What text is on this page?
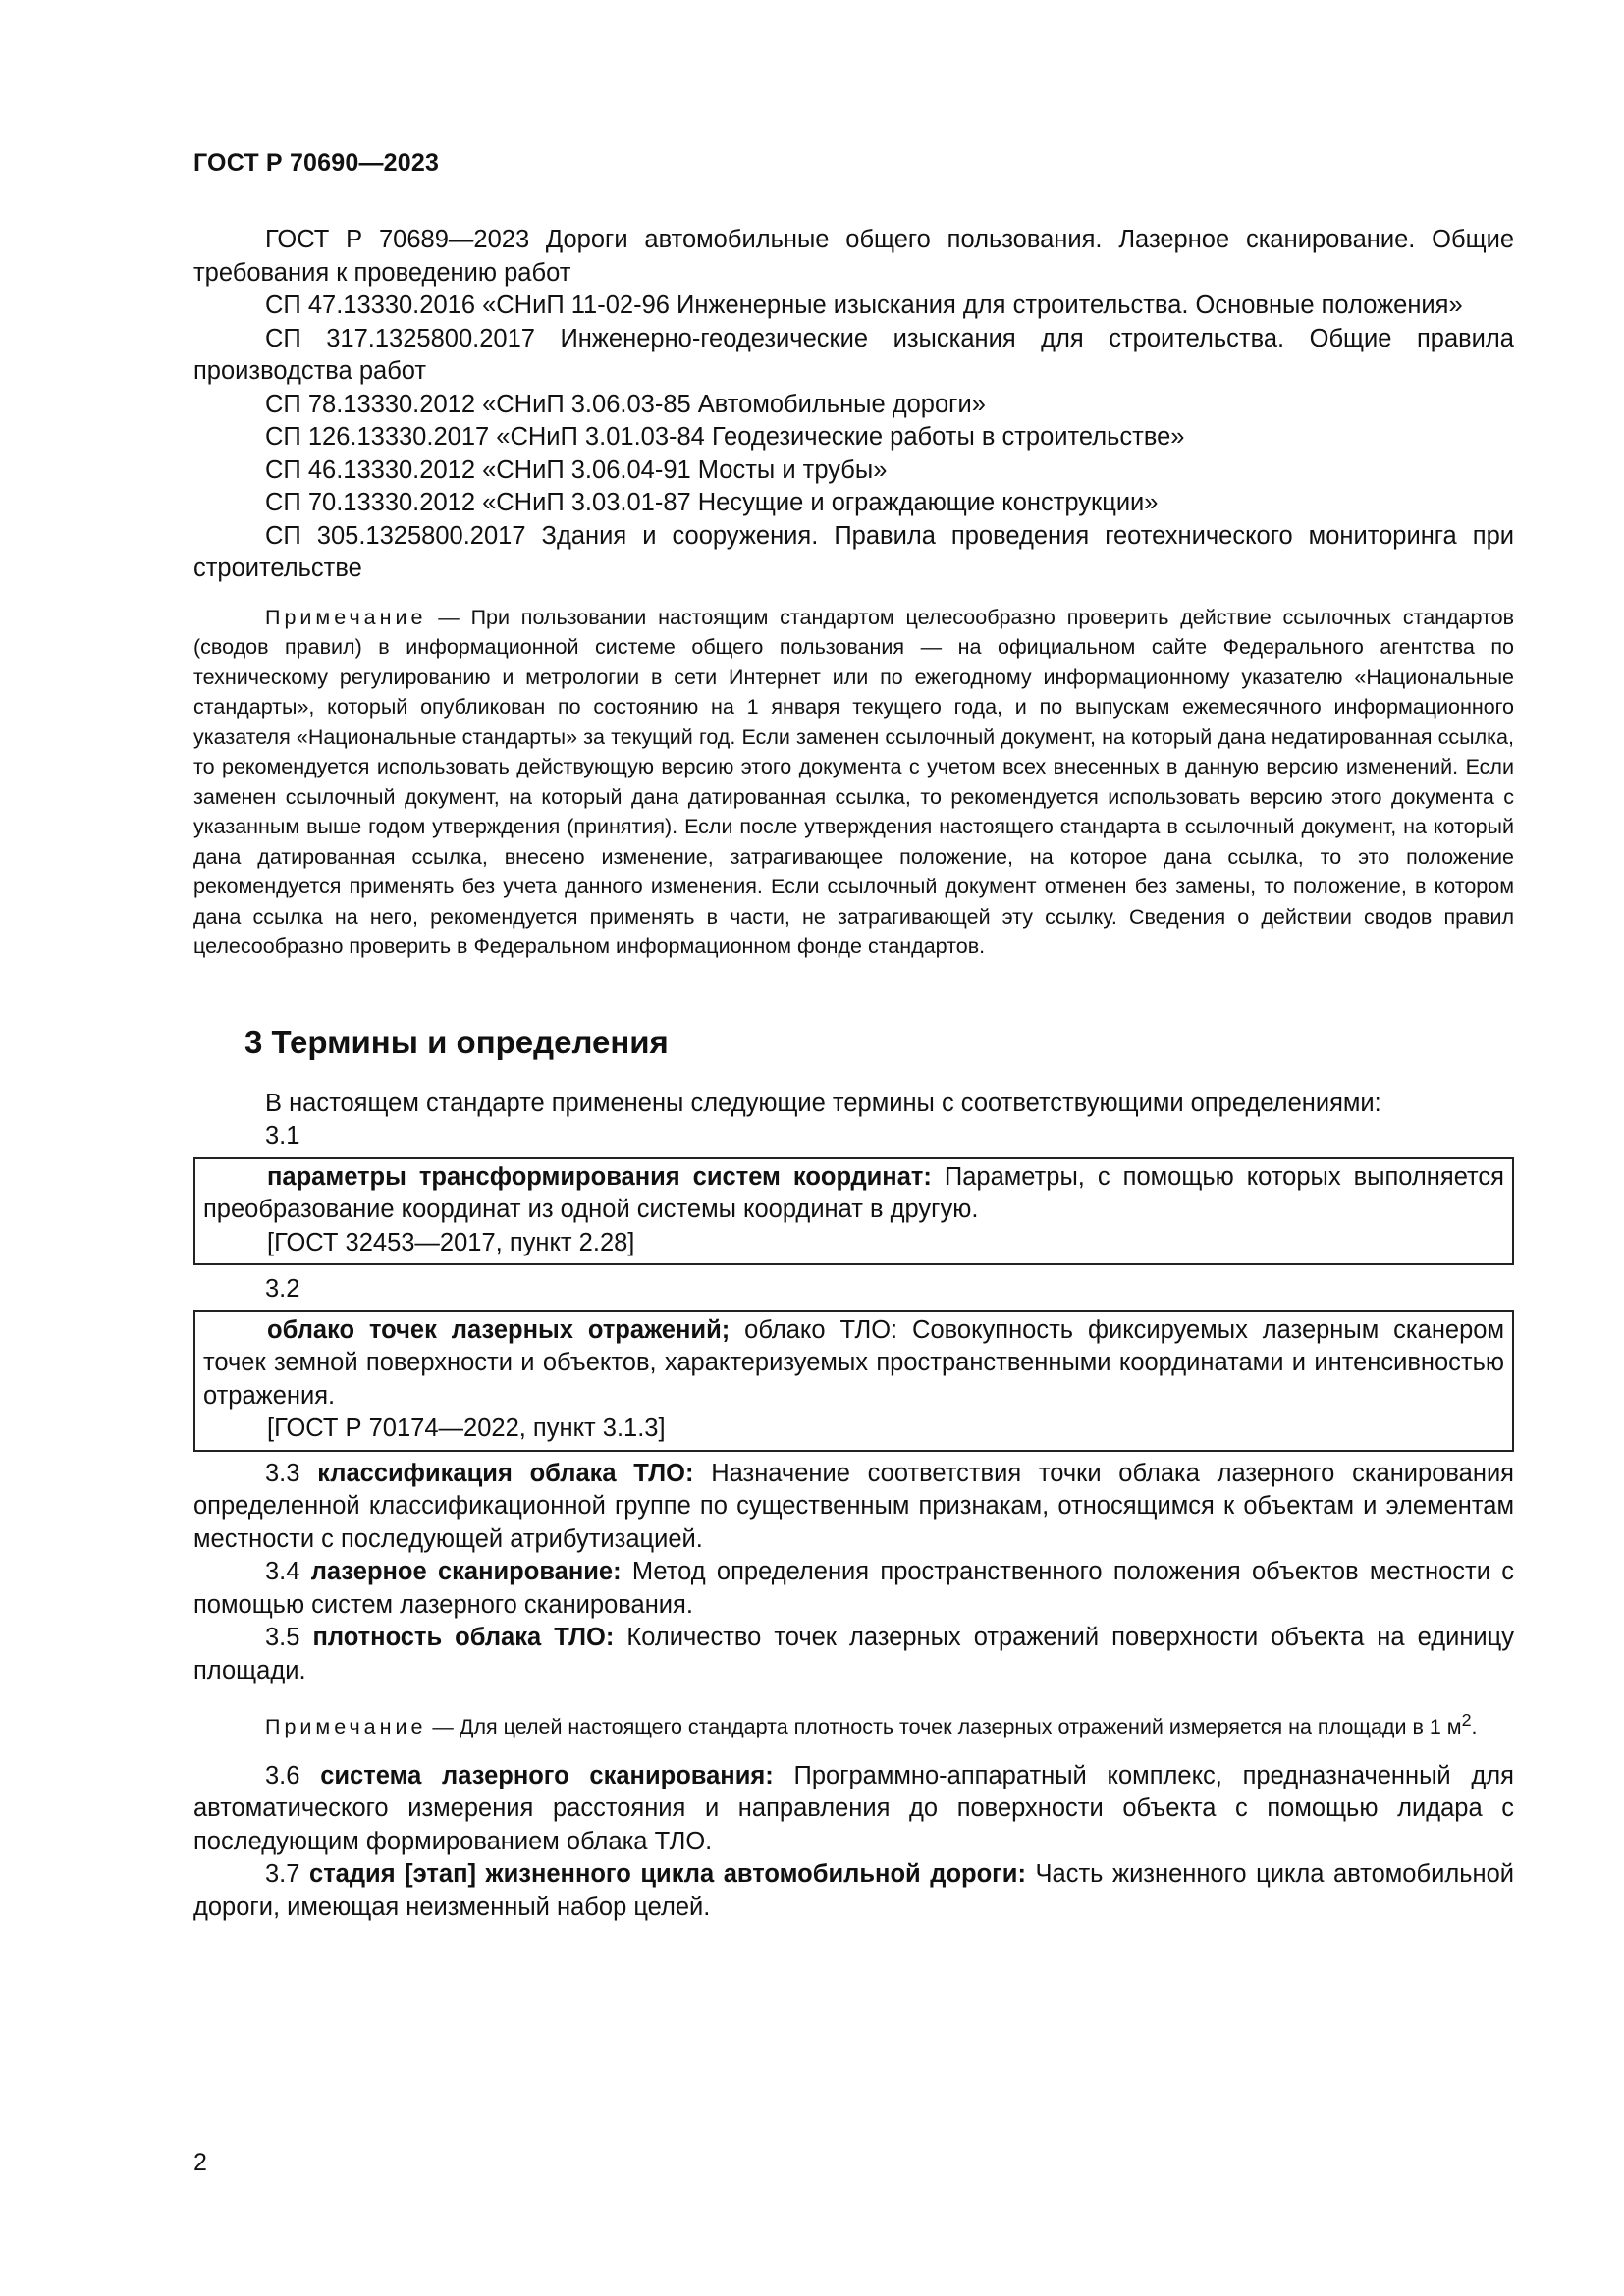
ГОСТ Р 70690—2023

ГОСТ Р 70689—2023 Дороги автомобильные общего пользования. Лазерное сканирование. Общие требования к проведению работ

СП 47.13330.2016 «СНиП 11-02-96 Инженерные изыскания для строительства. Основные положения»

СП 317.1325800.2017 Инженерно-геодезические изыскания для строительства. Общие правила производства работ

СП 78.13330.2012 «СНиП 3.06.03-85 Автомобильные дороги»

СП 126.13330.2017 «СНиП 3.01.03-84 Геодезические работы в строительстве»

СП 46.13330.2012 «СНиП 3.06.04-91 Мосты и трубы»

СП 70.13330.2012 «СНиП 3.03.01-87 Несущие и ограждающие конструкции»

СП 305.1325800.2017 Здания и сооружения. Правила проведения геотехнического мониторинга при строительстве

Примечание — При пользовании настоящим стандартом целесообразно проверить действие ссылочных стандартов (сводов правил) в информационной системе общего пользования — на официальном сайте Федерального агентства по техническому регулированию и метрологии в сети Интернет или по ежегодному информационному указателю «Национальные стандарты», который опубликован по состоянию на 1 января текущего года, и по выпускам ежемесячного информационного указателя «Национальные стандарты» за текущий год. Если заменен ссылочный документ, на который дана недатированная ссылка, то рекомендуется использовать действующую версию этого документа с учетом всех внесенных в данную версию изменений. Если заменен ссылочный документ, на который дана датированная ссылка, то рекомендуется использовать версию этого документа с указанным выше годом утверждения (принятия). Если после утверждения настоящего стандарта в ссылочный документ, на который дана датированная ссылка, внесено изменение, затрагивающее положение, на которое дана ссылка, то это положение рекомендуется применять без учета данного изменения. Если ссылочный документ отменен без замены, то положение, в котором дана ссылка на него, рекомендуется применять в части, не затрагивающей эту ссылку. Сведения о действии сводов правил целесообразно проверить в Федеральном информационном фонде стандартов.

3 Термины и определения

В настоящем стандарте применены следующие термины с соответствующими определениями:

3.1

параметры трансформирования систем координат: Параметры, с помощью которых выполняется преобразование координат из одной системы координат в другую.

[ГОСТ 32453—2017, пункт 2.28]
3.2

облако точек лазерных отражений; облако ТЛО: Совокупность фиксируемых лазерным сканером точек земной поверхности и объектов, характеризуемых пространственными координатами и интенсивностью отражения.

[ГОСТ Р 70174—2022, пункт 3.1.3]

3.3 классификация облака ТЛО: Назначение соответствия точки облака лазерного сканирования определенной классификационной группе по существенным признакам, относящимся к объектам и элементам местности с последующей атрибутизацией.

3.4 лазерное сканирование: Метод определения пространственного положения объектов местности с помощью систем лазерного сканирования.

3.5 плотность облака ТЛО: Количество точек лазерных отражений поверхности объекта на единицу площади.

Примечание — Для целей настоящего стандарта плотность точек лазерных отражений измеряется на площади в 1 $м^2$.

3.6 система лазерного сканирования: Программно-аппаратный комплекс, предназначенный для автоматического измерения расстояния и направления до поверхности объекта с помощью лидара с последующим формированием облака ТЛО.

3.7 стадия [этап] жизненного цикла автомобильной дороги: Часть жизненного цикла автомобильной дороги, имеющая неизменный набор целей.

2
